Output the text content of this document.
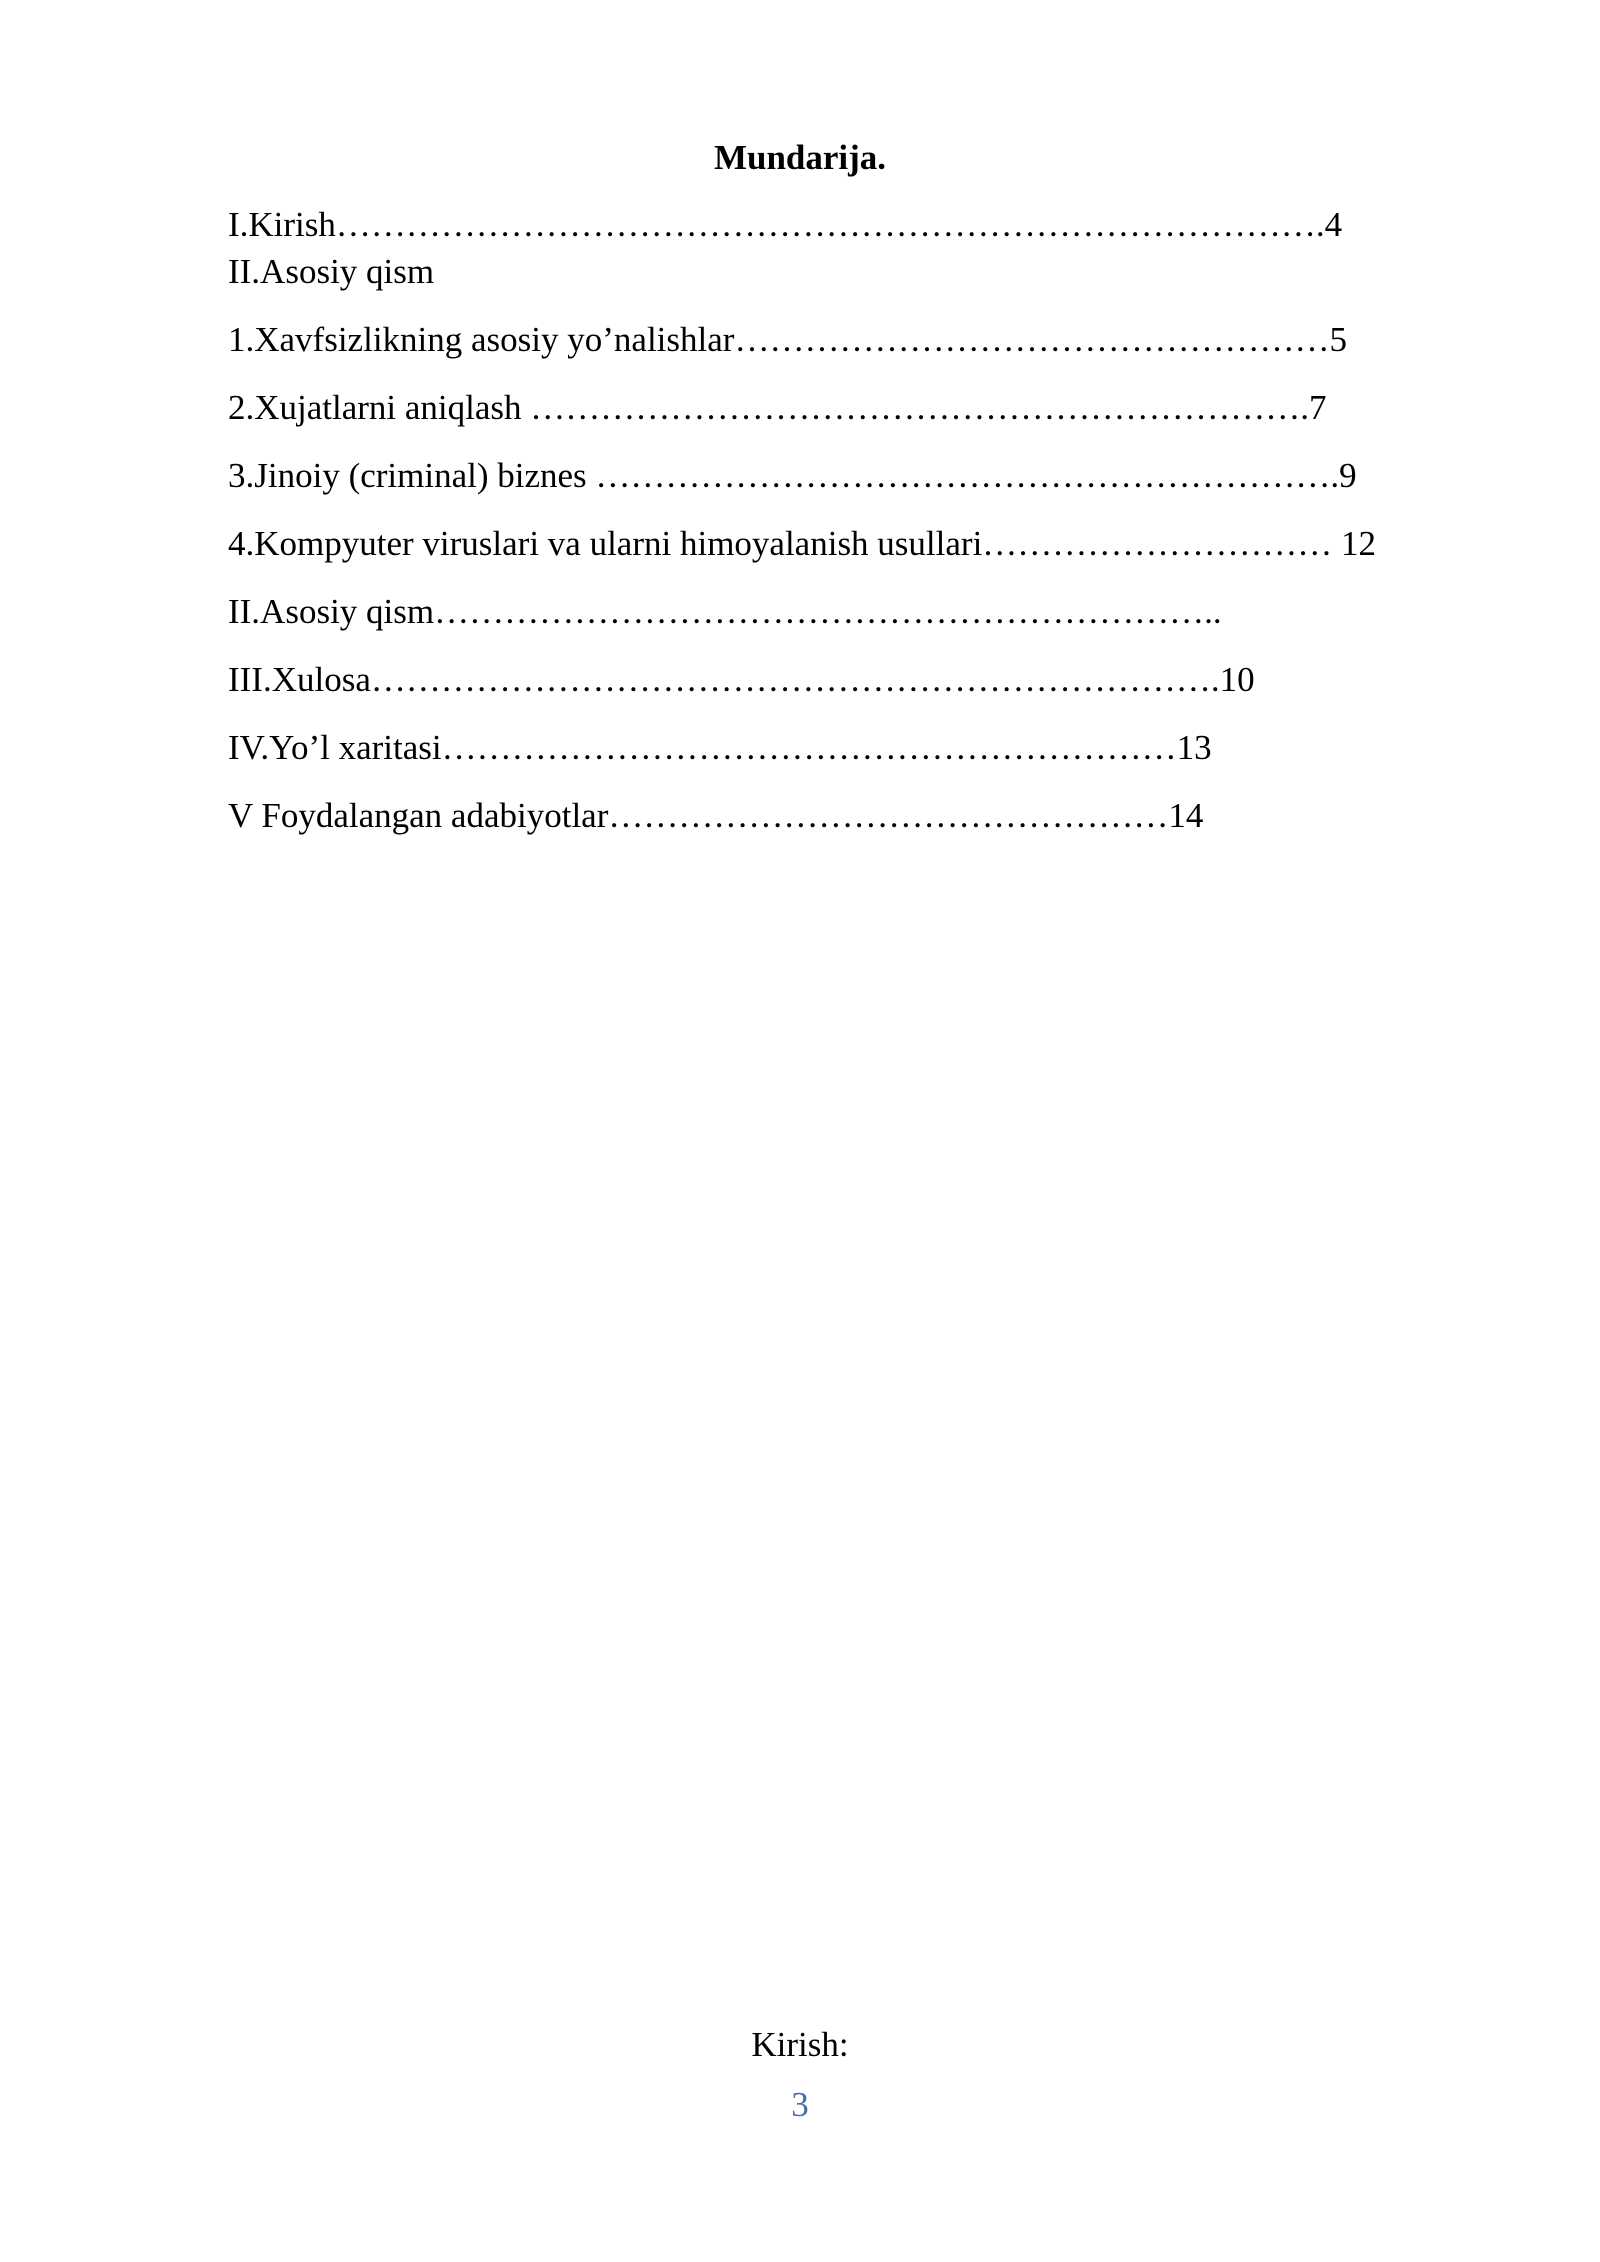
Mundarija.

I.Kirish………………………………………………………………………….4

II.Asosiy qism

1.Xavfsizlikning asosiy yo’nalishlar……………………………………………5

2.Xujatlarni aniqlash ………………………………………………………….7

3.Jinoiy (criminal) biznes ……………………………………………………….9

4.Kompyuter viruslari va ularni himoyalanish usullari………………………… 12

II.Asosiy qism…………………………………………………………..

III.Xulosa……………………………………………………………….10

IV.Yo’l xaritasi………………………………………………………13

V Foydalangan adabiyotlar…………………………………………14

Kirish:

3
